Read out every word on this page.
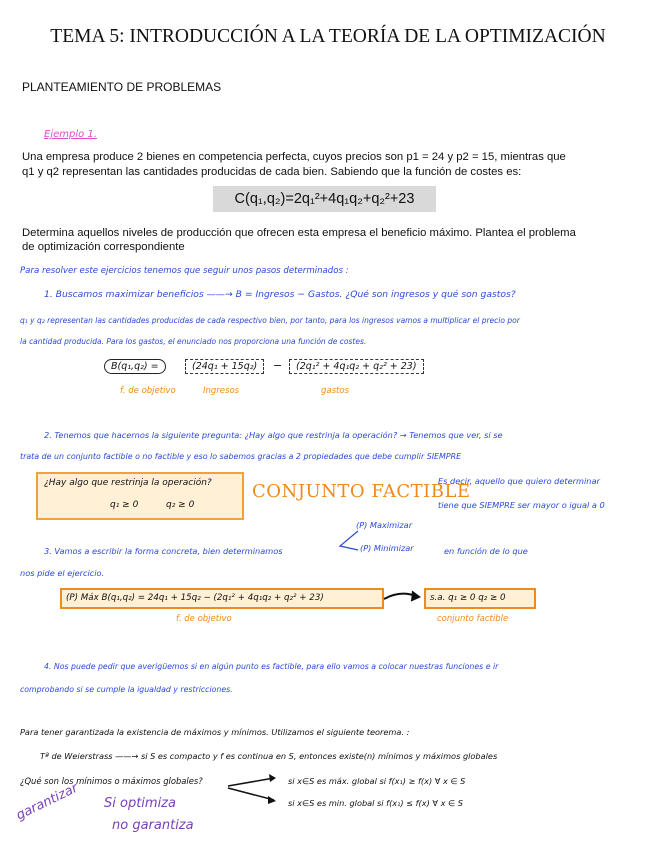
TEMA 5: INTRODUCCIÓN A LA TEORÍA DE LA OPTIMIZACIÓN
PLANTEAMIENTO DE PROBLEMAS
Ejemplo 1.
Una empresa produce 2 bienes en competencia perfecta, cuyos precios son p1 = 24 y p2 = 15, mientras que
q1 y q2 representan las cantidades producidas de cada bien. Sabiendo que la función de costes es:
C(q₁,q₂)=2q₁²+4q₁q₂+q₂²+23
Determina aquellos niveles de producción que ofrecen esta empresa el beneficio máximo. Plantea el problema
de optimización correspondiente
Para resolver este ejercicios tenemos que seguir unos pasos determinados :
1. Buscamos maximizar beneficios ——→ B = Ingresos − Gastos. ¿Qué son ingresos y qué son gastos?
q₁ y q₂ representan las cantidades producidas de cada respectivo bien, por tanto, para los ingresos vamos a multiplicar el precio por
la cantidad producida. Para los gastos, el enunciado nos proporciona una función de costes.
B(q₁,q₂) =	(24q₁ + 15q₂)	−	(2q₁² + 4q₁q₂ + q₂² + 23)
f. de objetivo	Ingresos	gastos
2. Tenemos que hacernos la siguiente pregunta: ¿Hay algo que restrinja la operación? → Tenemos que ver, si se
trata de un conjunto factible o no factible y eso lo sabemos gracias a 2 propiedades que debe cumplir SIEMPRE
¿Hay algo que restrinja la operación?
q₁ ≥ 0	q₂ ≥ 0
CONJUNTO FACTIBLE
Es decir, aquello que quiero determinar
tiene que SIEMPRE ser mayor o igual a 0
(P) Maximizar
3. Vamos a escribir la forma concreta, bien determinamos	(P) Minimizar	en función de lo que
nos pide el ejercicio.
(P) Máx B(q₁,q₂) = 24q₁ + 15q₂ − (2q₁² + 4q₁q₂ + q₂² + 23)	s.a. q₁ ≥ 0 q₂ ≥ 0
f. de objetivo	conjunto factible
4. Nos puede pedir que averigüemos si en algún punto es factible, para ello vamos a colocar nuestras funciones e ir
comprobando si se cumple la igualdad y restricciones.
Para tener garantizada la existencia de máximos y mínimos. Utilizamos el siguiente teorema. :
Tª de Weierstrass ——→ si S es compacto y f es continua en S, entonces existe(n) mínimos y máximos globales
¿Qué son los mínimos o máximos globales?	si x∈S es máx. global si f(x₁) ≥ f(x) ∀ x ∈ S
si x∈S es min. global si f(x₁) ≤ f(x) ∀ x ∈ S
garantizar Si optimiza
no garantiza
